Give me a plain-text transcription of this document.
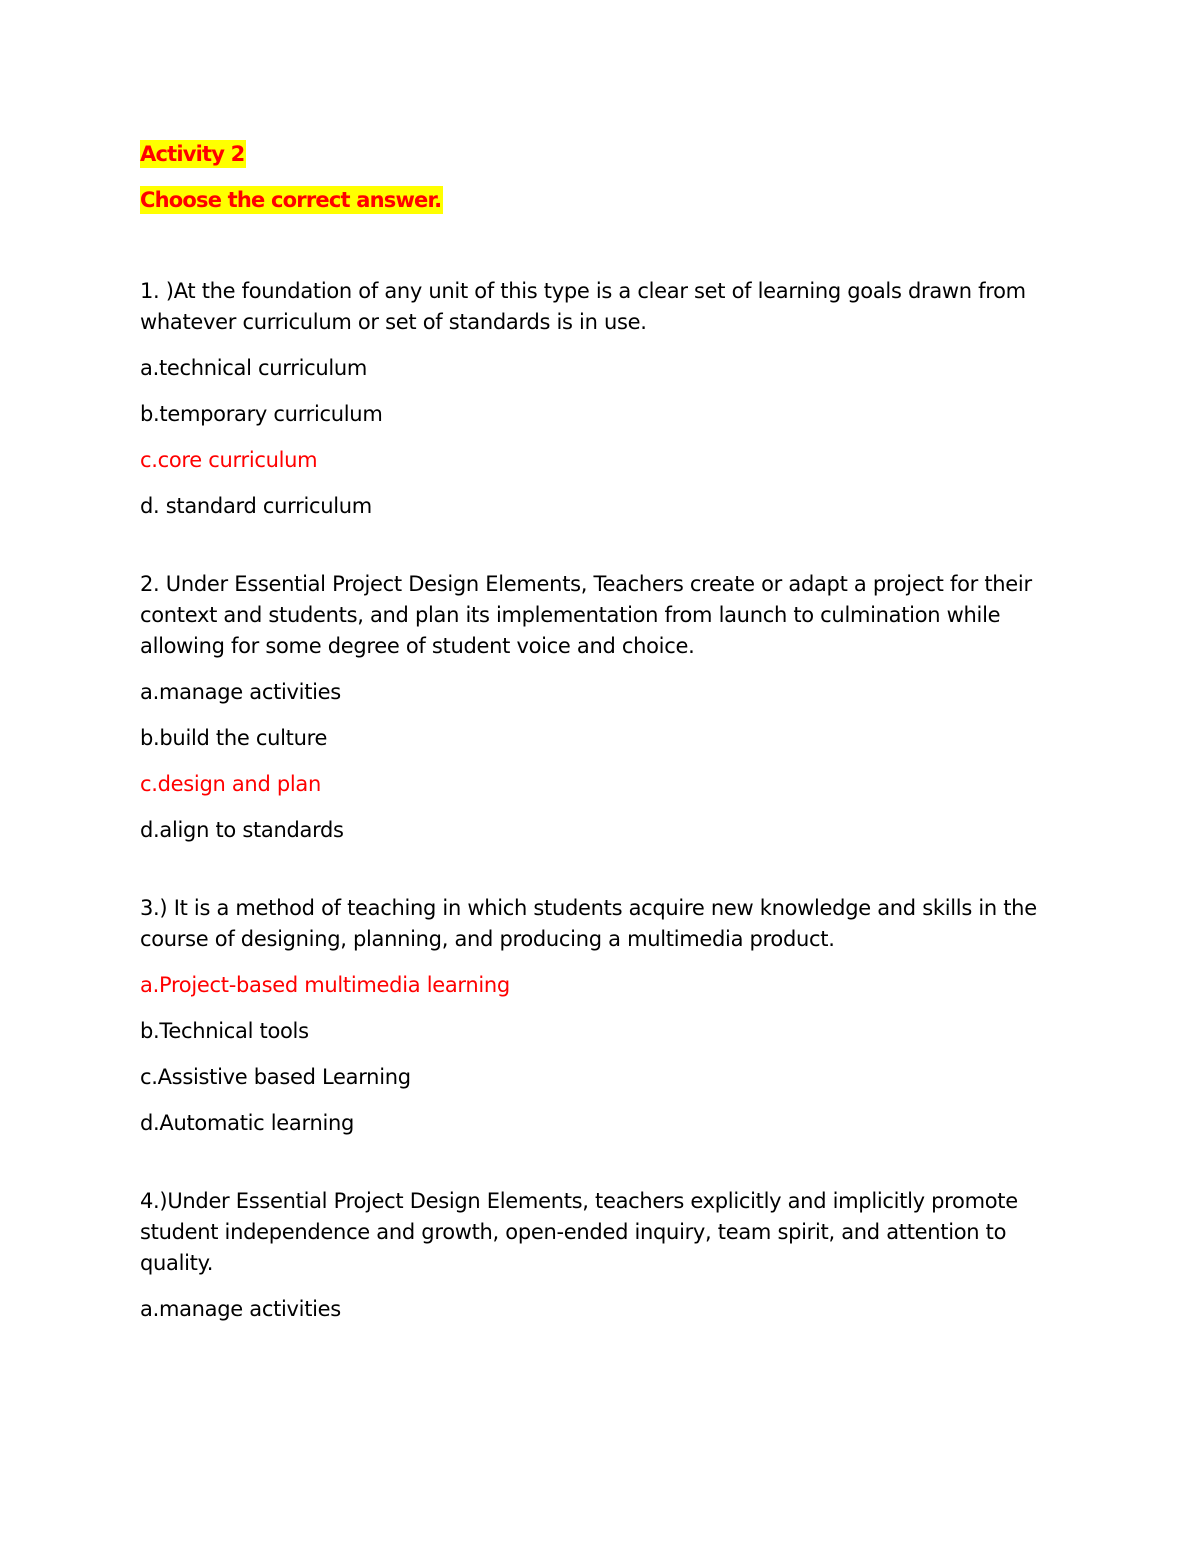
Activity 2
Choose the correct answer.

1. )At the foundation of any unit of this type is a clear set of learning goals drawn from whatever curriculum or set of standards is in use.

a.technical curriculum

b.temporary curriculum

c.core curriculum

d. standard curriculum

2. Under Essential Project Design Elements, Teachers create or adapt a project for their context and students, and plan its implementation from launch to culmination while allowing for some degree of student voice and choice.

a.manage activities

b.build the culture

c.design and plan

d.align to standards

3.) It is a method of teaching in which students acquire new knowledge and skills in the course of designing, planning, and producing a multimedia product.

a.Project-based multimedia learning

b.Technical tools

c.Assistive based Learning

d.Automatic learning

4.)Under Essential Project Design Elements, teachers explicitly and implicitly promote student independence and growth, open-ended inquiry, team spirit, and attention to quality.

a.manage activities
